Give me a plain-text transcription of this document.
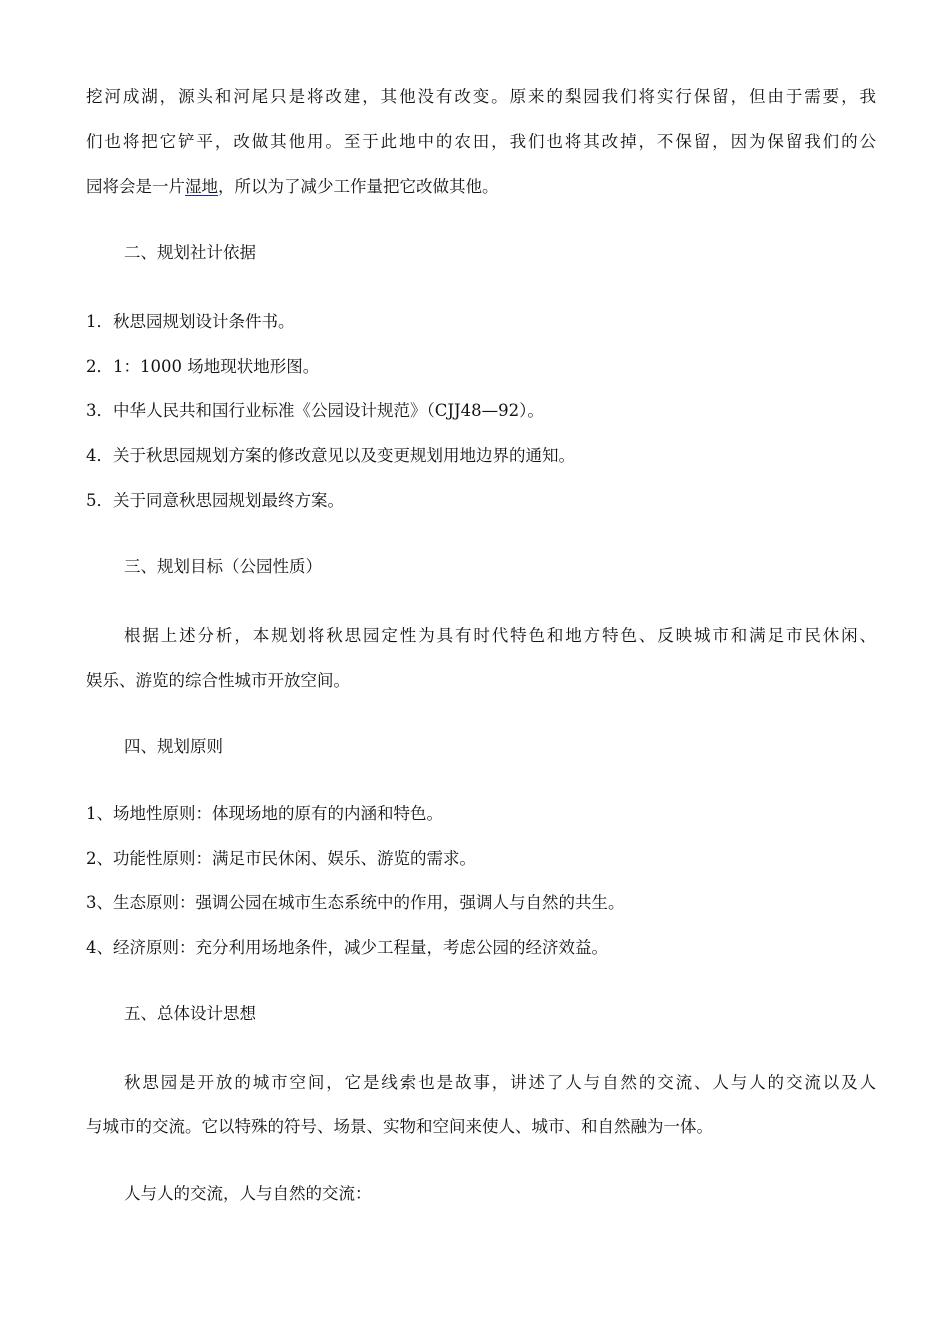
挖河成湖，源头和河尾只是将改建，其他没有改变。原来的梨园我们将实行保留，但由于需要，我
们也将把它铲平，改做其他用。至于此地中的农田，我们也将其改掉，不保留，因为保留我们的公
园将会是一片湿地，所以为了减少工作量把它改做其他。
二、规划社计依据
1．秋思园规划设计条件书。
2．1：1000 场地现状地形图。
3．中华人民共和国行业标准《公园设计规范》（CJJ48—92）。
4．关于秋思园规划方案的修改意见以及变更规划用地边界的通知。
5．关于同意秋思园规划最终方案。
三、规划目标（公园性质）
根据上述分析，本规划将秋思园定性为具有时代特色和地方特色、反映城市和满足市民休闲、
娱乐、游览的综合性城市开放空间。
四、规划原则
1、场地性原则：体现场地的原有的内涵和特色。
2、功能性原则：满足市民休闲、娱乐、游览的需求。
3、生态原则：强调公园在城市生态系统中的作用，强调人与自然的共生。
4、经济原则：充分利用场地条件，减少工程量，考虑公园的经济效益。
五、总体设计思想
秋思园是开放的城市空间，它是线索也是故事，讲述了人与自然的交流、人与人的交流以及人
与城市的交流。它以特殊的符号、场景、实物和空间来使人、城市、和自然融为一体。
人与人的交流，人与自然的交流：
